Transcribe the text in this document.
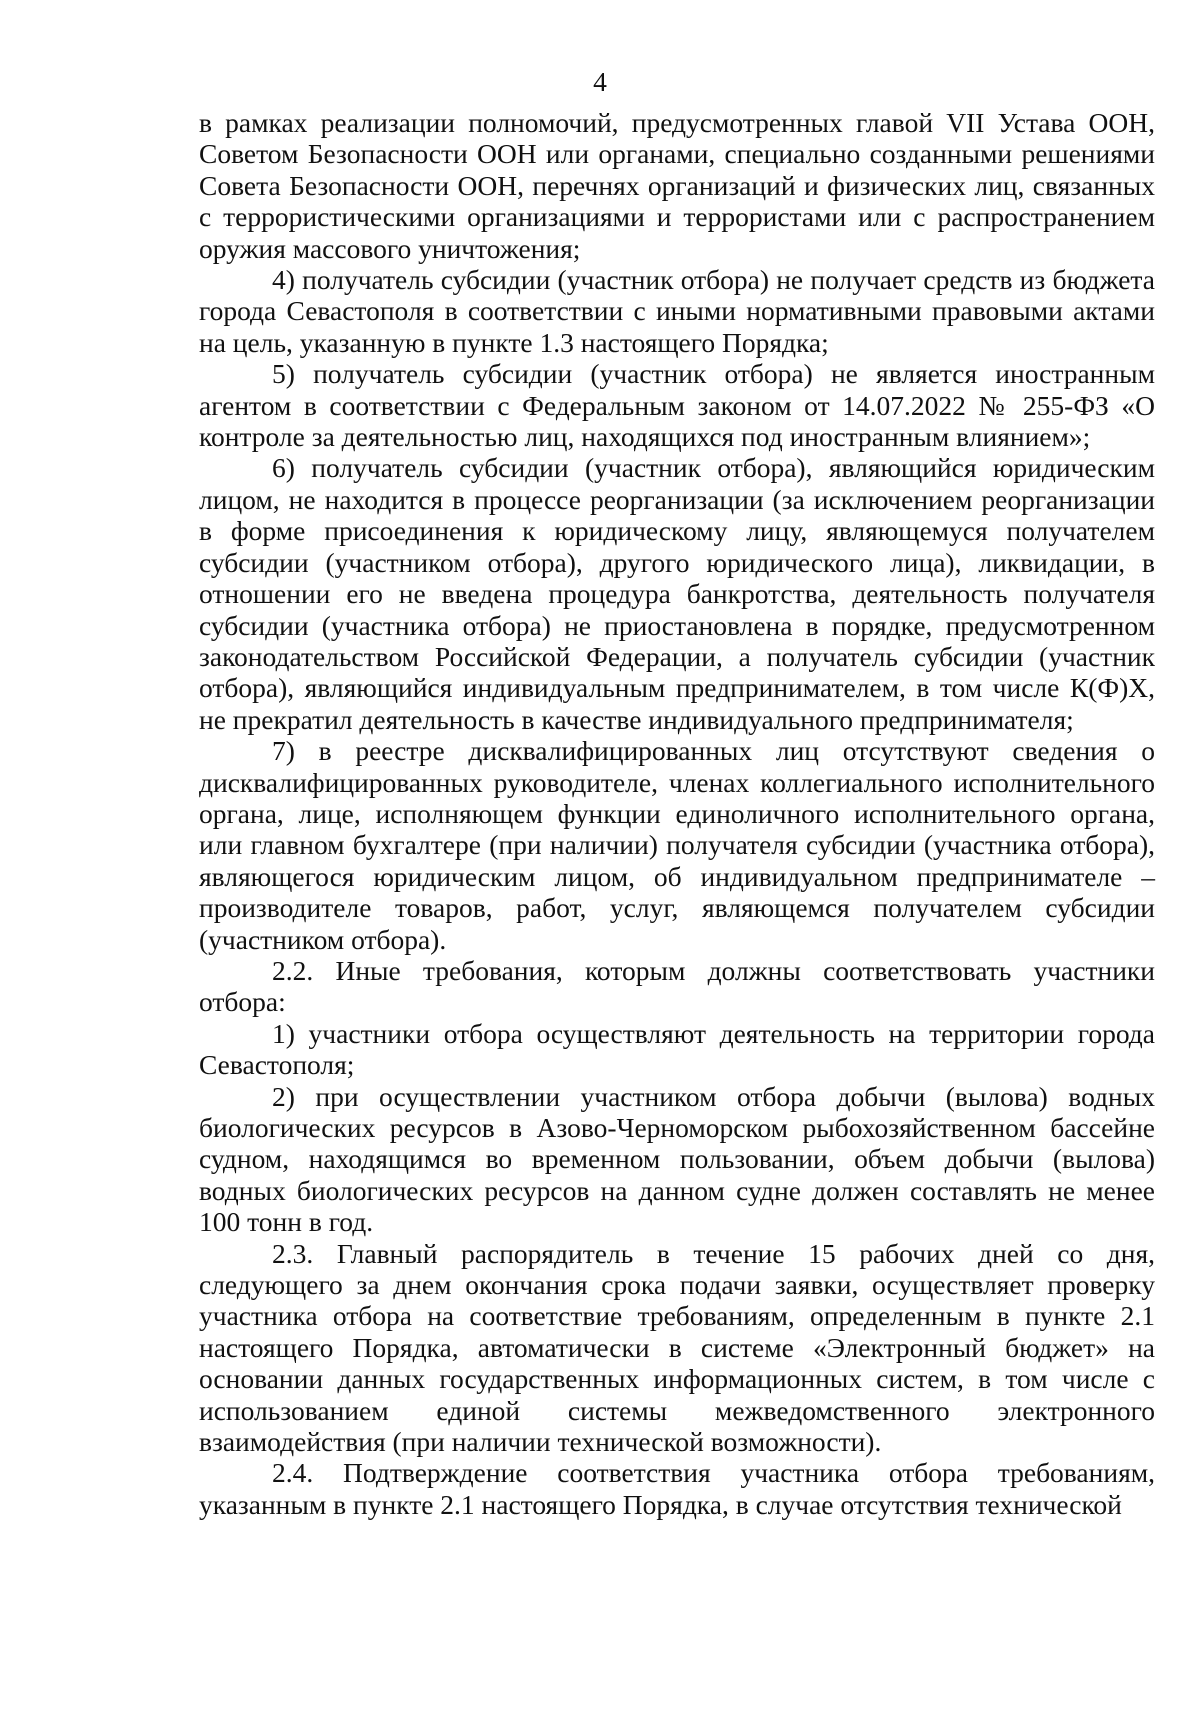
4

в рамках реализации полномочий, предусмотренных главой VII Устава ООН, Советом Безопасности ООН или органами, специально созданными решениями Совета Безопасности ООН, перечнях организаций и физических лиц, связанных с террористическими организациями и террористами или с распространением оружия массового уничтожения;

4) получатель субсидии (участник отбора) не получает средств из бюджета города Севастополя в соответствии с иными нормативными правовыми актами на цель, указанную в пункте 1.3 настоящего Порядка;

5) получатель субсидии (участник отбора) не является иностранным агентом в соответствии с Федеральным законом от 14.07.2022 № 255-ФЗ «О контроле за деятельностью лиц, находящихся под иностранным влиянием»;

6) получатель субсидии (участник отбора), являющийся юридическим лицом, не находится в процессе реорганизации (за исключением реорганизации в форме присоединения к юридическому лицу, являющемуся получателем субсидии (участником отбора), другого юридического лица), ликвидации, в отношении его не введена процедура банкротства, деятельность получателя субсидии (участника отбора) не приостановлена в порядке, предусмотренном законодательством Российской Федерации, а получатель субсидии (участник отбора), являющийся индивидуальным предпринимателем, в том числе К(Ф)Х, не прекратил деятельность в качестве индивидуального предпринимателя;

7) в реестре дисквалифицированных лиц отсутствуют сведения о дисквалифицированных руководителе, членах коллегиального исполнительного органа, лице, исполняющем функции единоличного исполнительного органа, или главном бухгалтере (при наличии) получателя субсидии (участника отбора), являющегося юридическим лицом, об индивидуальном предпринимателе – производителе товаров, работ, услуг, являющемся получателем субсидии (участником отбора).

2.2. Иные требования, которым должны соответствовать участники отбора:

1) участники отбора осуществляют деятельность на территории города Севастополя;

2) при осуществлении участником отбора добычи (вылова) водных биологических ресурсов в Азово-Черноморском рыбохозяйственном бассейне судном, находящимся во временном пользовании, объем добычи (вылова) водных биологических ресурсов на данном судне должен составлять не менее 100 тонн в год.

2.3. Главный распорядитель в течение 15 рабочих дней со дня, следующего за днем окончания срока подачи заявки, осуществляет проверку участника отбора на соответствие требованиям, определенным в пункте 2.1 настоящего Порядка, автоматически в системе «Электронный бюджет» на основании данных государственных информационных систем, в том числе с использованием единой системы межведомственного электронного взаимодействия (при наличии технической возможности).

2.4. Подтверждение соответствия участника отбора требованиям, указанным в пункте 2.1 настоящего Порядка, в случае отсутствия технической
